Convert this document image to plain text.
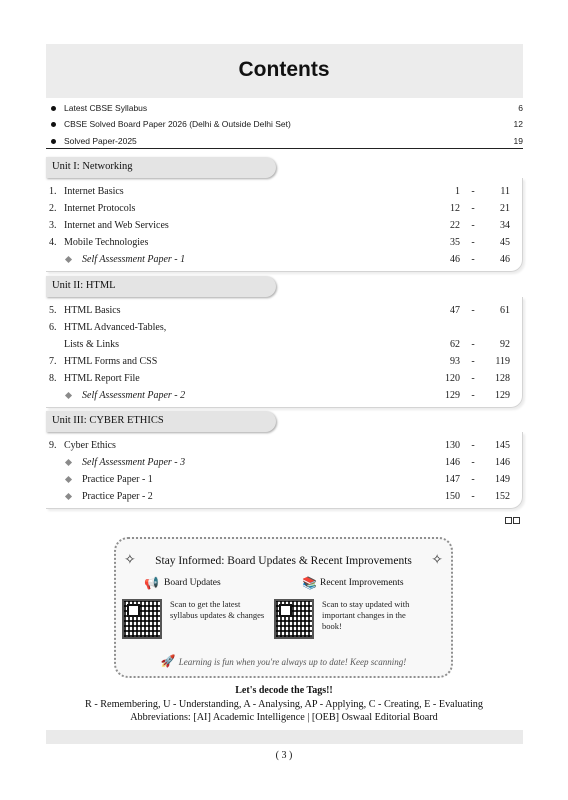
Contents
Latest CBSE Syllabus	6
CBSE Solved Board Paper 2026 (Delhi & Outside Delhi Set)	12
Solved Paper-2025	19
Unit I: Networking
1. Internet Basics	1	-	11
2. Internet Protocols	12	-	21
3. Internet and Web Services	22	-	34
4. Mobile Technologies	35	-	45
Self Assessment Paper - 1	46	-	46
Unit II: HTML
5. HTML Basics	47	-	61
6. HTML Advanced-Tables,
Lists & Links	62	-	92
7. HTML Forms and CSS	93	-	119
8. HTML Report File	120	-	128
Self Assessment Paper - 2	129	-	129
Unit III: CYBER ETHICS
9. Cyber Ethics	130	-	145
Self Assessment Paper - 3	146	-	146
Practice Paper - 1	147	-	149
Practice Paper - 2	150	-	152
✧	Stay Informed: Board Updates & Recent Improvements	✧
📢 Board Updates	📚 Recent Improvements
Scan to get the latest syllabus updates & changes
Scan to stay updated with important changes in the book!
🚀 Learning is fun when you're always up to date! Keep scanning!
Let's decode the Tags!!
R - Remembering, U - Understanding, A - Analysing, AP - Applying, C - Creating, E - Evaluating
Abbreviations: [AI] Academic Intelligence | [OEB] Oswaal Editorial Board
( 3 )
